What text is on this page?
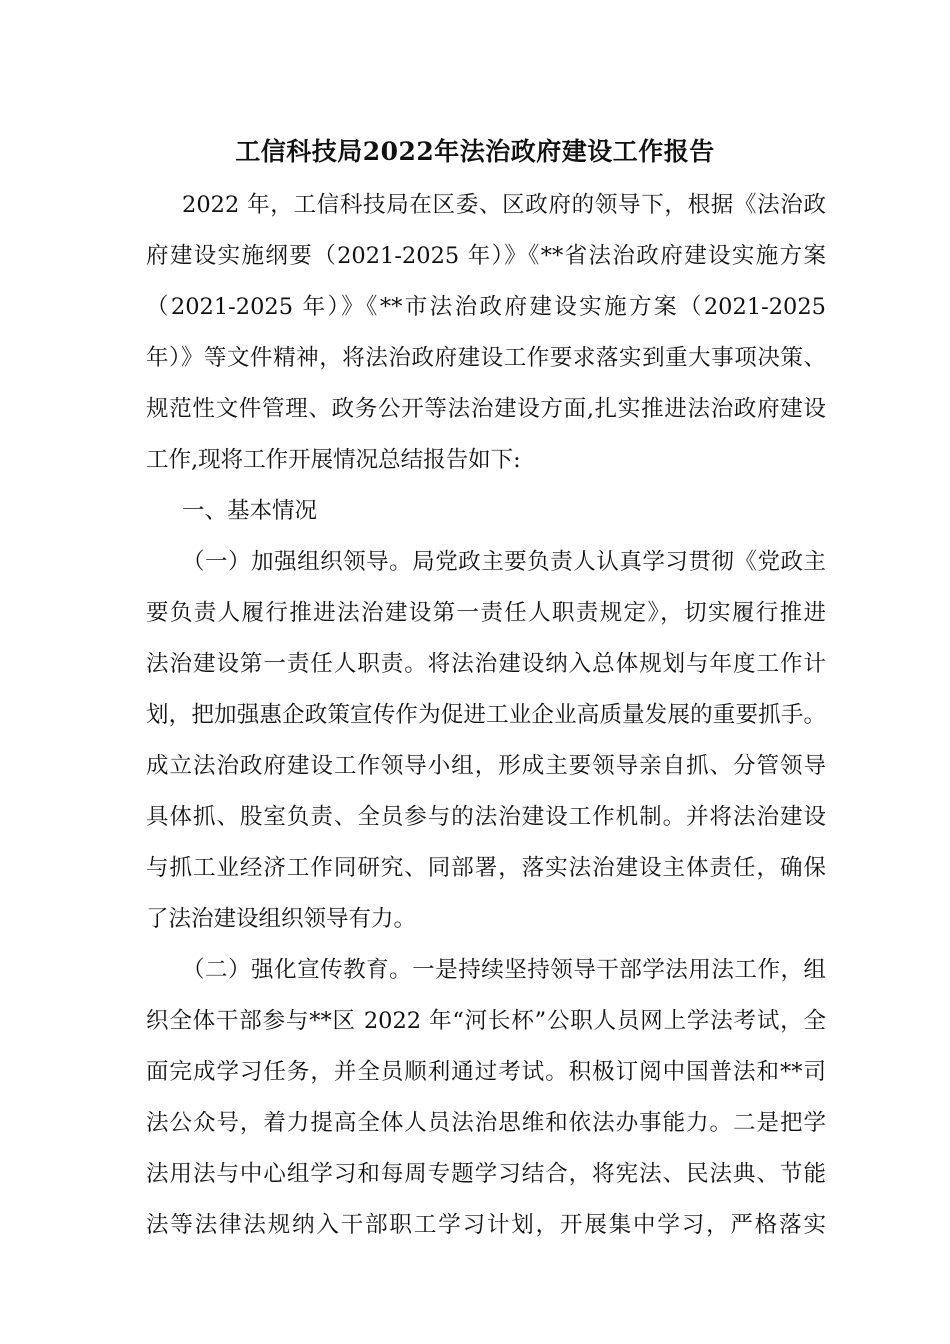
工信科技局2022年法治政府建设工作报告
2022 年，工信科技局在区委、区政府的领导下，根据《法治政
府建设实施纲要（2021-2025 年）》《**省法治政府建设实施方案
（2021-2025 年）》《**市法治政府建设实施方案（2021-2025
年）》等文件精神，将法治政府建设工作要求落实到重大事项决策、
规范性文件管理、政务公开等法治建设方面,扎实推进法治政府建设
工作,现将工作开展情况总结报告如下:
一、基本情况
（一）加强组织领导。局党政主要负责人认真学习贯彻《党政主
要负责人履行推进法治建设第一责任人职责规定》，切实履行推进
法治建设第一责任人职责。将法治建设纳入总体规划与年度工作计
划，把加强惠企政策宣传作为促进工业企业高质量发展的重要抓手。
成立法治政府建设工作领导小组，形成主要领导亲自抓、分管领导
具体抓、股室负责、全员参与的法治建设工作机制。并将法治建设
与抓工业经济工作同研究、同部署，落实法治建设主体责任，确保
了法治建设组织领导有力。
（二）强化宣传教育。一是持续坚持领导干部学法用法工作，组
织全体干部参与**区 2022 年“河长杯”公职人员网上学法考试，全
面完成学习任务，并全员顺利通过考试。积极订阅中国普法和**司
法公众号，着力提高全体人员法治思维和依法办事能力。二是把学
法用法与中心组学习和每周专题学习结合，将宪法、民法典、节能
法等法律法规纳入干部职工学习计划，开展集中学习，严格落实
